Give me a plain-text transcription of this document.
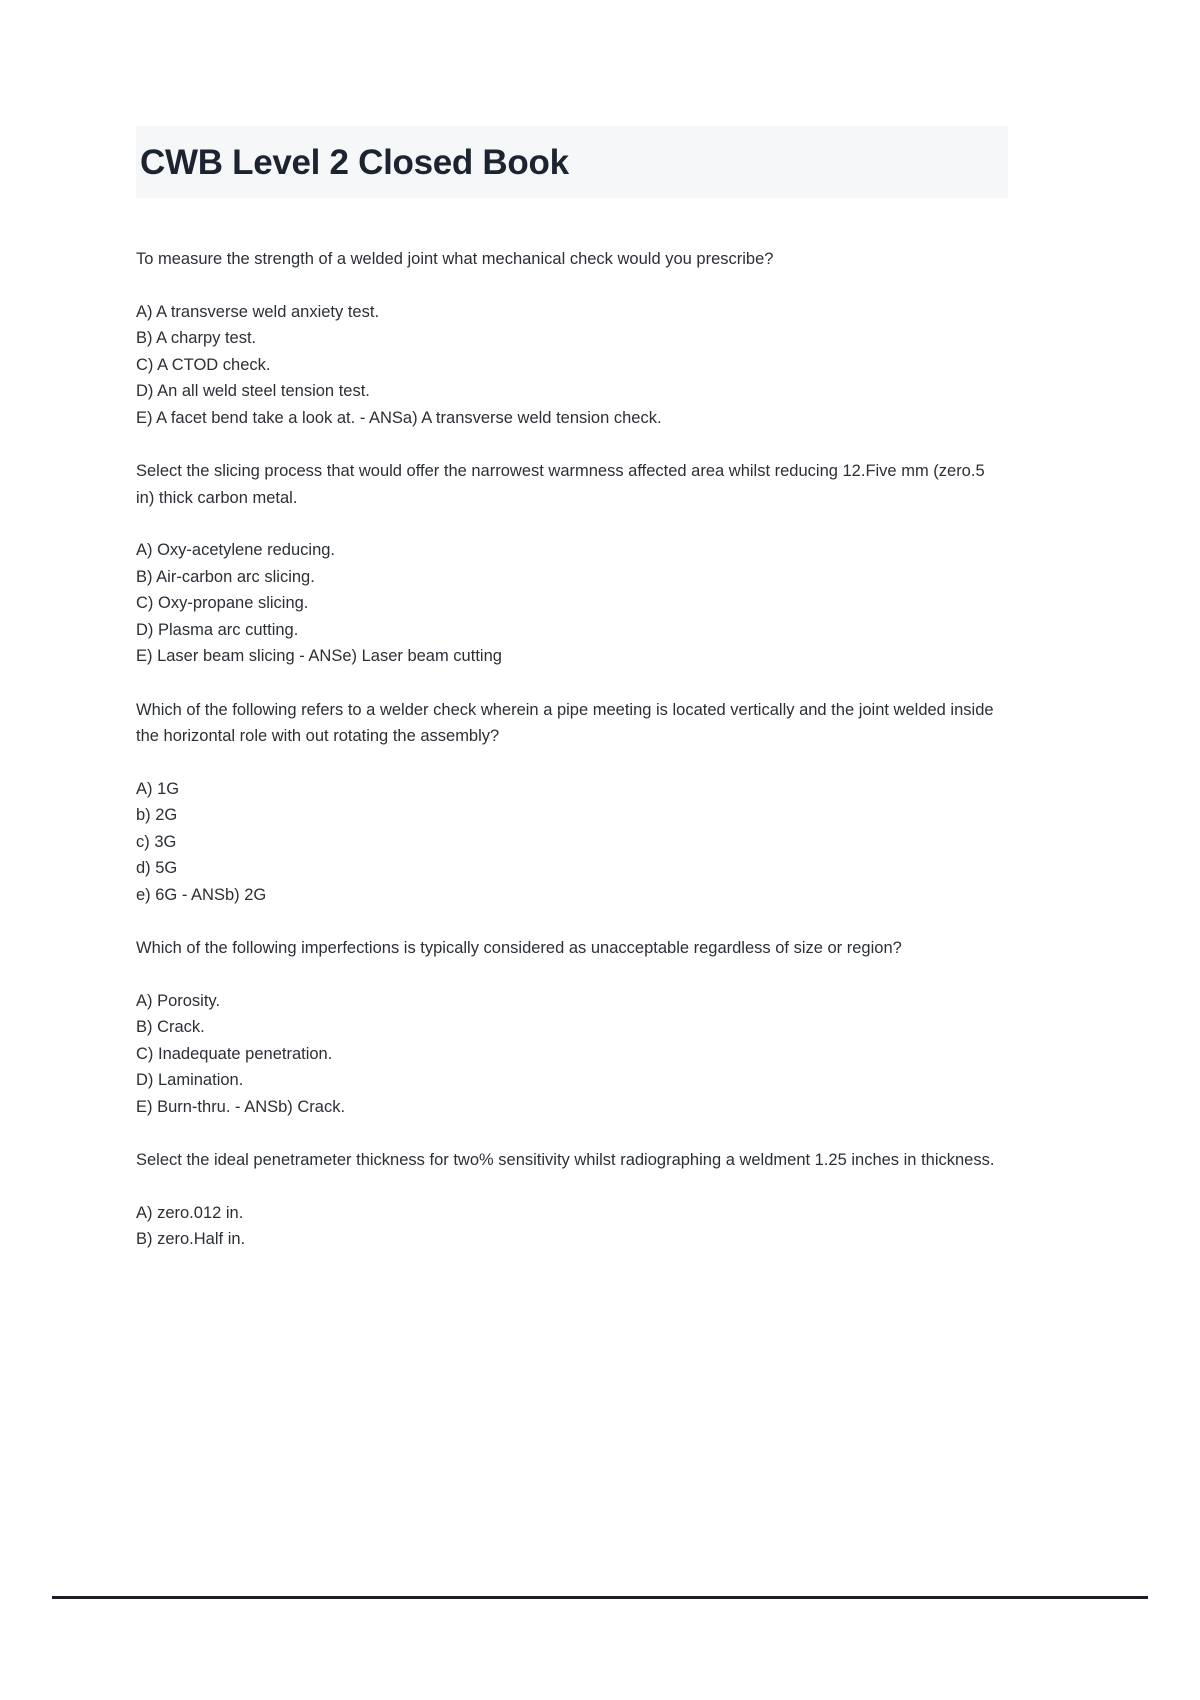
CWB Level 2 Closed Book

To measure the strength of a welded joint what mechanical check would you prescribe?

A) A transverse weld anxiety test.
B) A charpy test.
C) A CTOD check.
D) An all weld steel tension test.
E) A facet bend take a look at. - ANSa) A transverse weld tension check.

Select the slicing process that would offer the narrowest warmness affected area whilst reducing 12.Five mm (zero.5 in) thick carbon metal.

A) Oxy-acetylene reducing.
B) Air-carbon arc slicing.
C) Oxy-propane slicing.
D) Plasma arc cutting.
E) Laser beam slicing - ANSe) Laser beam cutting

Which of the following refers to a welder check wherein a pipe meeting is located vertically and the joint welded inside the horizontal role with out rotating the assembly?

A) 1G
b) 2G
c) 3G
d) 5G
e) 6G - ANSb) 2G

Which of the following imperfections is typically considered as unacceptable regardless of size or region?

A) Porosity.
B) Crack.
C) Inadequate penetration.
D) Lamination.
E) Burn-thru. - ANSb) Crack.

Select the ideal penetrameter thickness for two% sensitivity whilst radiographing a weldment 1.25 inches in thickness.

A) zero.012 in.
B) zero.Half in.
